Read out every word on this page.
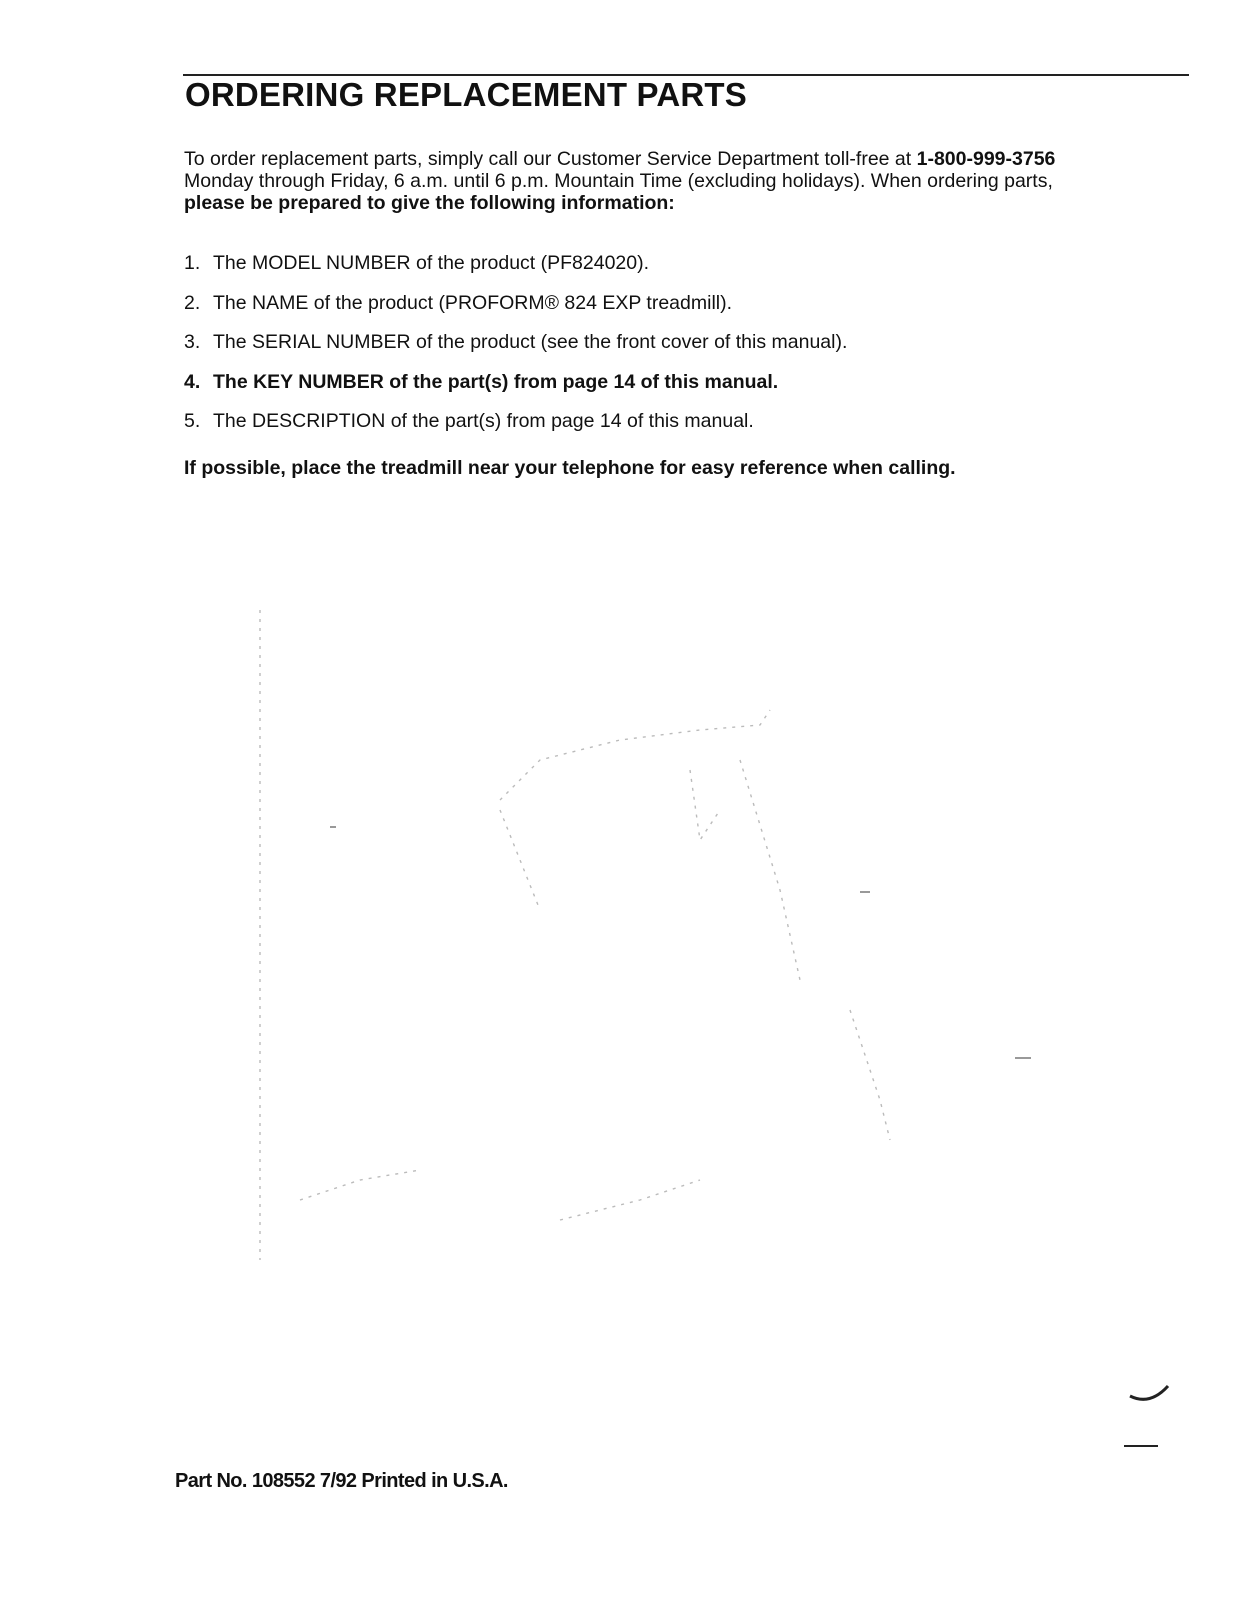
ORDERING REPLACEMENT PARTS

To order replacement parts, simply call our Customer Service Department toll-free at 1-800-999-3756
Monday through Friday, 6 a.m. until 6 p.m. Mountain Time (excluding holidays). When ordering parts,
please be prepared to give the following information:

1. The MODEL NUMBER of the product (PF824020).
2. The NAME of the product (PROFORM® 824 EXP treadmill).
3. The SERIAL NUMBER of the product (see the front cover of this manual).
4. The KEY NUMBER of the part(s) from page 14 of this manual.
5. The DESCRIPTION of the part(s) from page 14 of this manual.

If possible, place the treadmill near your telephone for easy reference when calling.

Part No. 108552 7/92 Printed in U.S.A.
